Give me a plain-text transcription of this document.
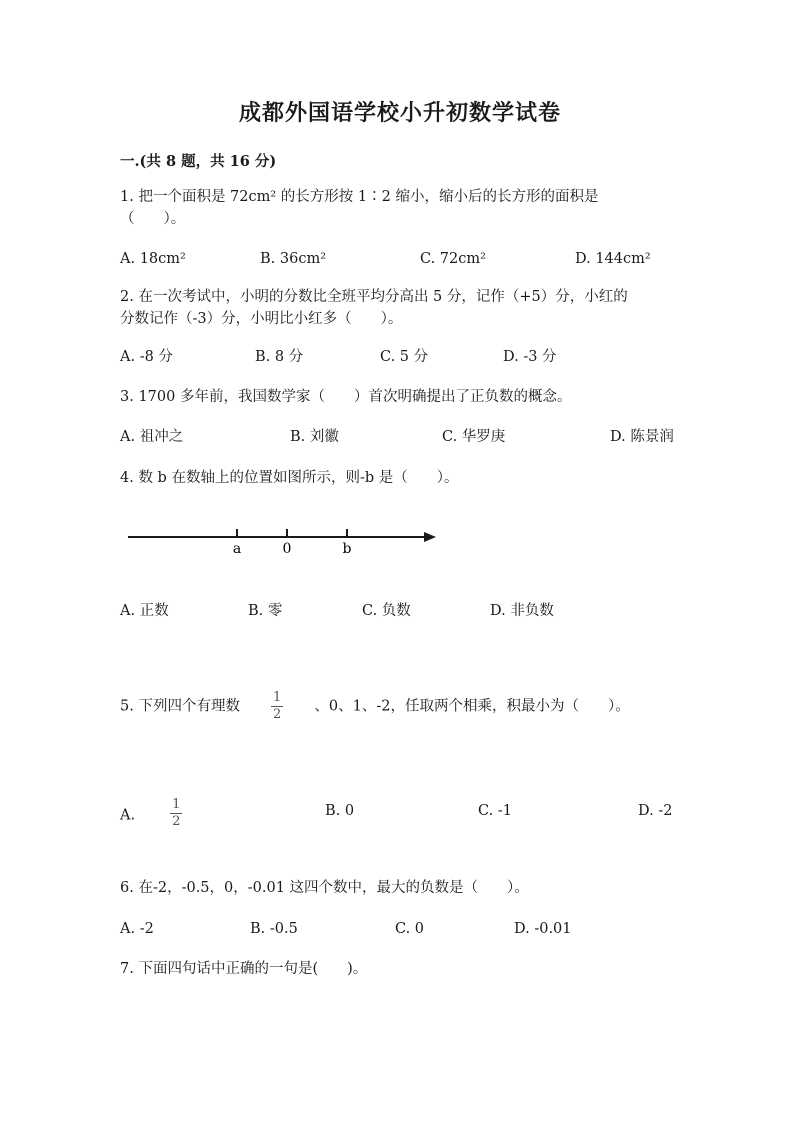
成都外国语学校小升初数学试卷
一.(共 8 题，共 16 分)
1. 把一个面积是 72cm² 的长方形按 1∶2 缩小，缩小后的长方形的面积是
（　　）。
A. 18cm²	B. 36cm²	C. 72cm²	D. 144cm²
2. 在一次考试中，小明的分数比全班平均分高出 5 分，记作（+5）分，小红的
分数记作（-3）分，小明比小红多（　　）。
A. -8 分	B. 8 分	C. 5 分	D. -3 分
3. 1700 多年前，我国数学家（　　）首次明确提出了正负数的概念。
A. 祖冲之	B. 刘徽	C. 华罗庚	D. 陈景润
4. 数 b 在数轴上的位置如图所示，则-b 是（　　）。
a	0	b
A. 正数	B. 零	C. 负数	D. 非负数
5. 下列四个有理数 $\frac{1}{2}$ 、0、1、-2，任取两个相乘，积最小为（　　）。
A.	$\frac{1}{2}$	B. 0	C. -1	D. -2
6. 在-2，-0.5，0，-0.01 这四个数中，最大的负数是（　　）。
A. -2	B. -0.5	C. 0	D. -0.01
7. 下面四句话中正确的一句是(　　)。
